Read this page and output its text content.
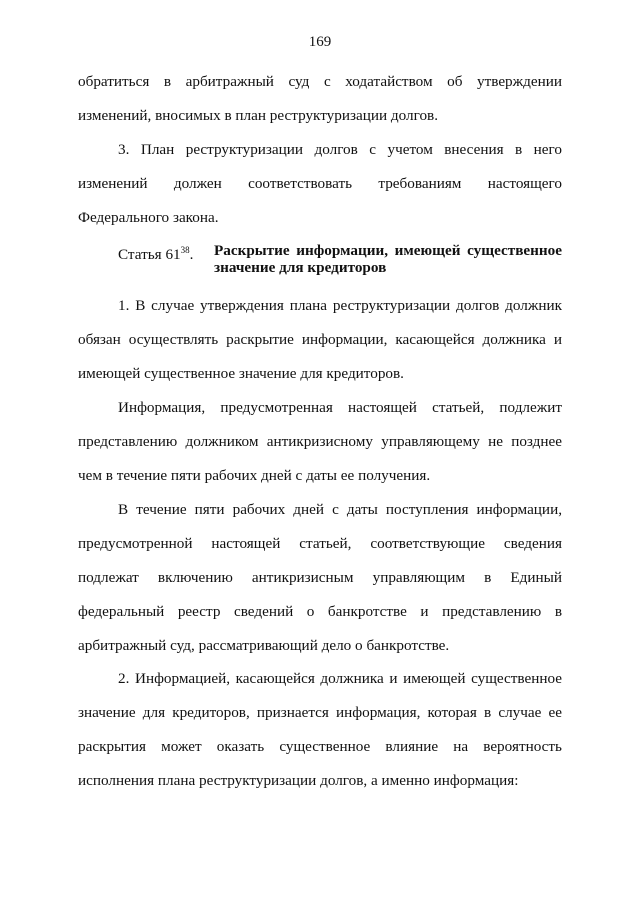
169
обратиться в арбитражный суд с ходатайством об утверждении
изменений, вносимых в план реструктуризации долгов.
3. План реструктуризации долгов с учетом внесения в него
изменений должен соответствовать требованиям настоящего
Федерального закона.
Статья $61^{38}$. Раскрытие информации, имеющей существенное
значение для кредиторов
1. В случае утверждения плана реструктуризации долгов должник
обязан осуществлять раскрытие информации, касающейся должника и
имеющей существенное значение для кредиторов.
Информация, предусмотренная настоящей статьей, подлежит
представлению должником антикризисному управляющему не позднее
чем в течение пяти рабочих дней с даты ее получения.
В течение пяти рабочих дней с даты поступления информации,
предусмотренной настоящей статьей, соответствующие сведения
подлежат включению антикризисным управляющим в Единый
федеральный реестр сведений о банкротстве и представлению в
арбитражный суд, рассматривающий дело о банкротстве.
2. Информацией, касающейся должника и имеющей существенное
значение для кредиторов, признается информация, которая в случае ее
раскрытия может оказать существенное влияние на вероятность
исполнения плана реструктуризации долгов, а именно информация:
